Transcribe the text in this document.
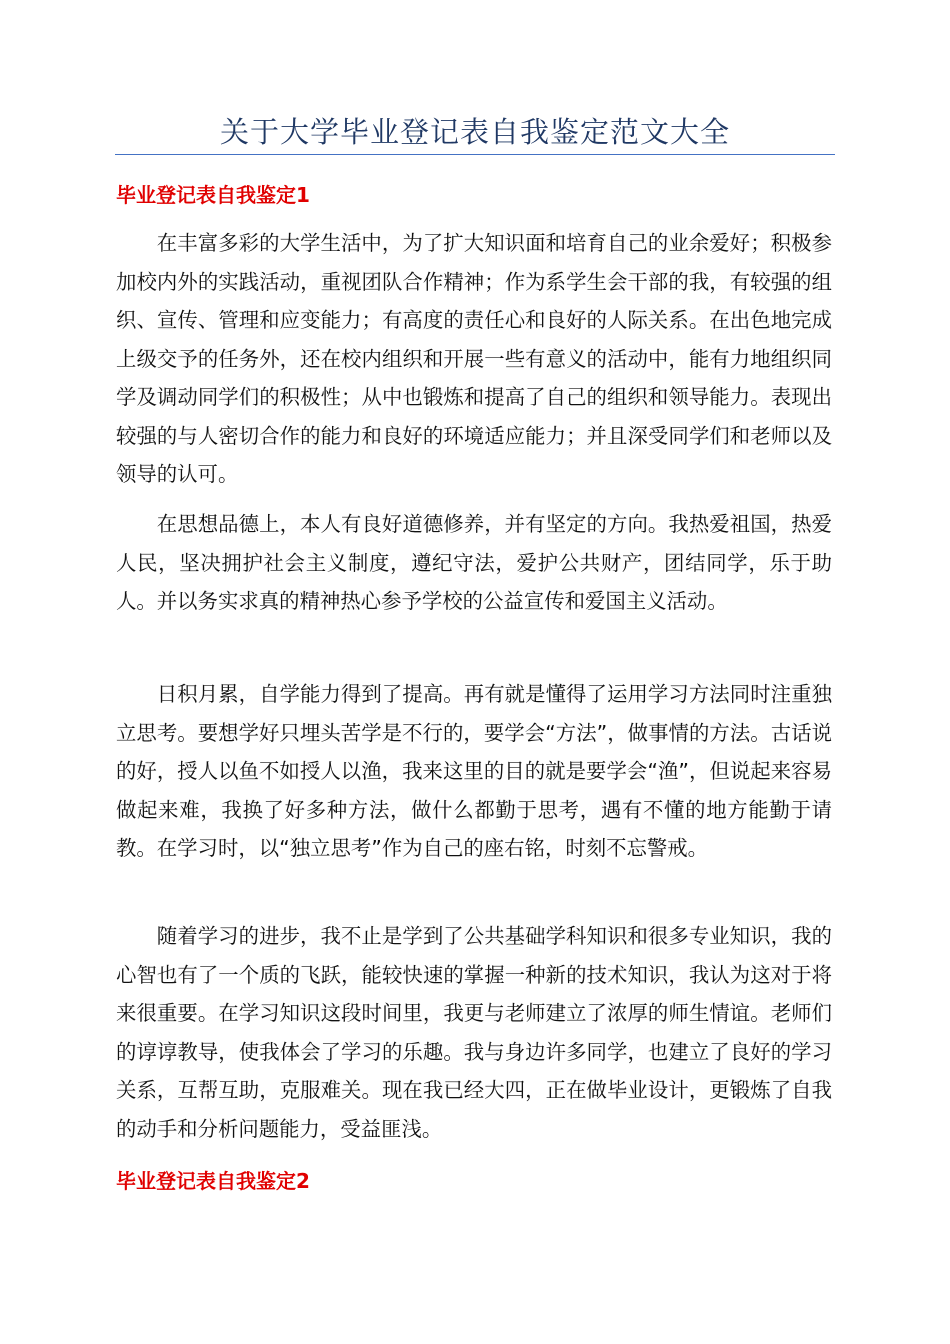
关于大学毕业登记表自我鉴定范文大全
毕业登记表自我鉴定1

在丰富多彩的大学生活中，为了扩大知识面和培育自己的业余爱好；积极参加校内外的实践活动，重视团队合作精神；作为系学生会干部的我，有较强的组织、宣传、管理和应变能力；有高度的责任心和良好的人际关系。在出色地完成上级交予的任务外，还在校内组织和开展一些有意义的活动中，能有力地组织同学及调动同学们的积极性；从中也锻炼和提高了自己的组织和领导能力。表现出较强的与人密切合作的能力和良好的环境适应能力；并且深受同学们和老师以及领导的认可。

在思想品德上，本人有良好道德修养，并有坚定的方向。我热爱祖国，热爱人民，坚决拥护社会主义制度，遵纪守法，爱护公共财产，团结同学，乐于助人。并以务实求真的精神热心参予学校的公益宣传和爱国主义活动。

日积月累，自学能力得到了提高。再有就是懂得了运用学习方法同时注重独立思考。要想学好只埋头苦学是不行的，要学会“方法”，做事情的方法。古话说的好，授人以鱼不如授人以渔，我来这里的目的就是要学会“渔”，但说起来容易做起来难，我换了好多种方法，做什么都勤于思考，遇有不懂的地方能勤于请教。在学习时，以“独立思考”作为自己的座右铭，时刻不忘警戒。

随着学习的进步，我不止是学到了公共基础学科知识和很多专业知识，我的心智也有了一个质的飞跃，能较快速的掌握一种新的技术知识，我认为这对于将来很重要。在学习知识这段时间里，我更与老师建立了浓厚的师生情谊。老师们的谆谆教导，使我体会了学习的乐趣。我与身边许多同学，也建立了良好的学习关系，互帮互助，克服难关。现在我已经大四，正在做毕业设计，更锻炼了自我的动手和分析问题能力，受益匪浅。

毕业登记表自我鉴定2
